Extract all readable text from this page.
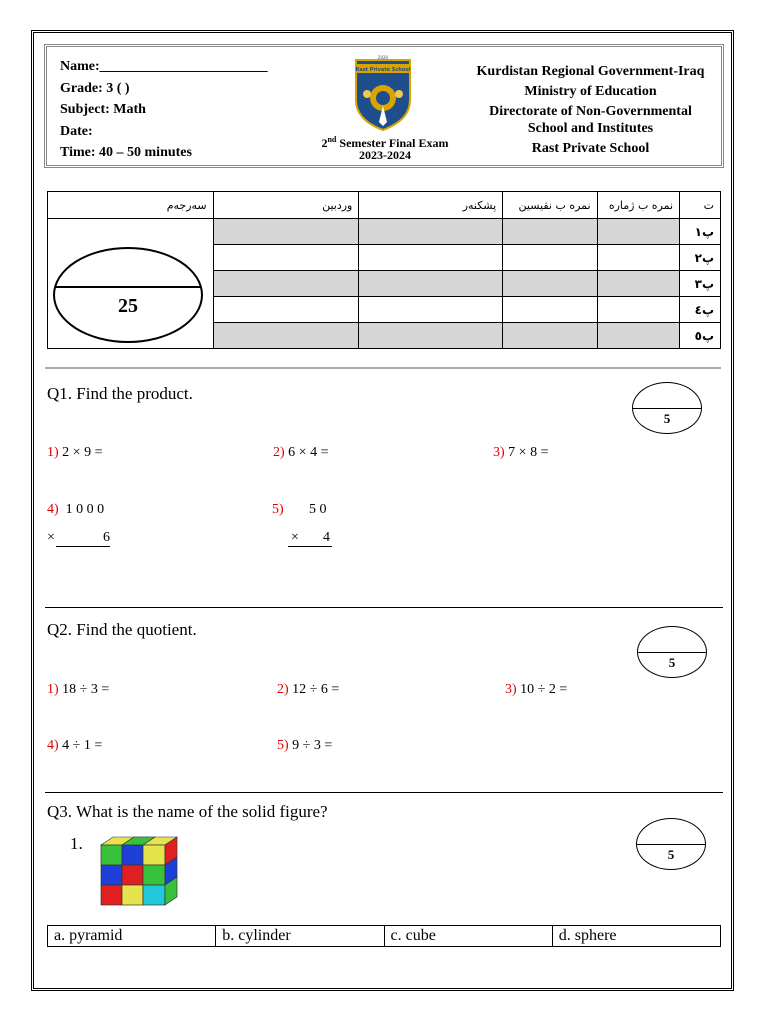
Name:________________________
Grade: 3 ( )
Subject: Math
Date:
Time: 40 – 50 minutes
Rast Private School
2020
2nd Semester Final Exam
2023-2024
Kurdistan Regional Government-Iraq
Ministry of Education
Directorate of Non-Governmental School and Institutes
Rast Private School
سەرجەم	وردبین	پشکنەر	نمرە ب نقیسین	نمرە ب ژمارە	ت
					پ١
					پ٢
					پ٣
					پ٤
					پ٥
25
Q1. Find the product.
5
1) 2 × 9 =	2) 6 × 4 =	3) 7 × 8 =
4) 1 0 0 0
×	6
5) 5 0
× 4

Q2. Find the quotient.
5
1) 18 ÷ 3 =	2) 12 ÷ 6 =	3) 10 ÷ 2 =
4) 4 ÷ 1 =	5) 9 ÷ 3 =
Q3. What is the name of the solid figure?
5
1.
a. pyramid	b. cylinder	c. cube	d. sphere
